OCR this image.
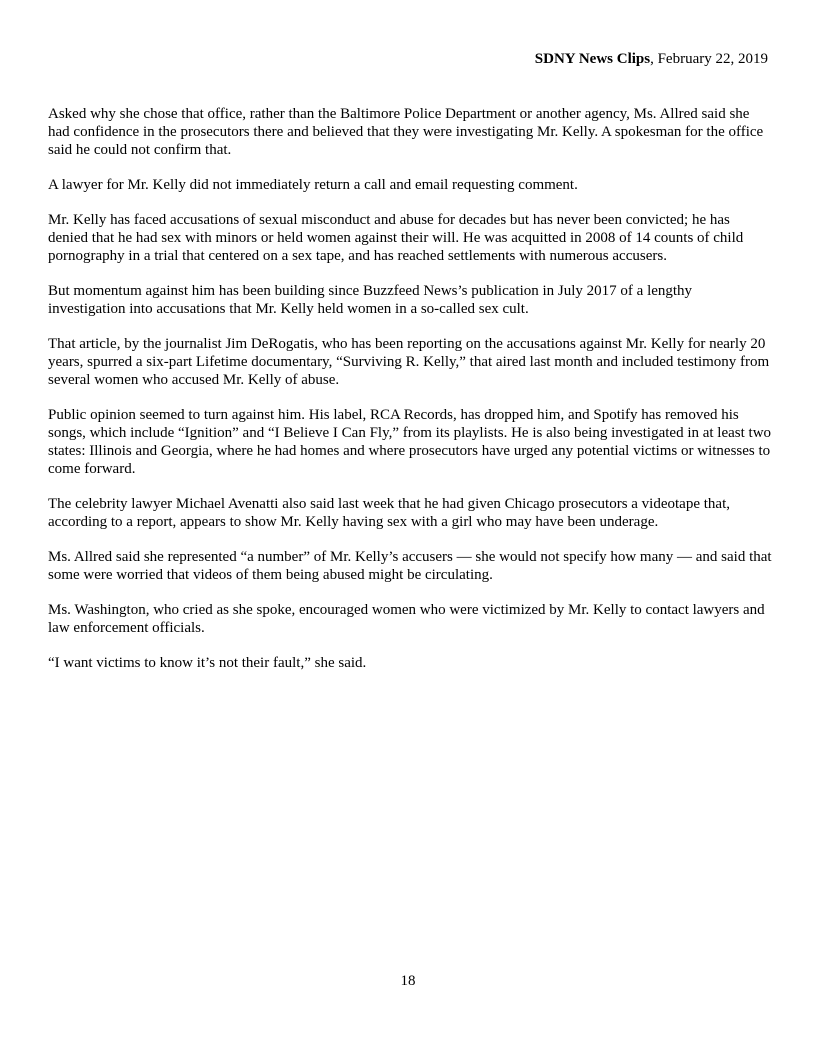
SDNY News Clips, February 22, 2019

Asked why she chose that office, rather than the Baltimore Police Department or another agency, Ms. Allred said she had confidence in the prosecutors there and believed that they were investigating Mr. Kelly. A spokesman for the office said he could not confirm that.

A lawyer for Mr. Kelly did not immediately return a call and email requesting comment.

Mr. Kelly has faced accusations of sexual misconduct and abuse for decades but has never been convicted; he has denied that he had sex with minors or held women against their will. He was acquitted in 2008 of 14 counts of child pornography in a trial that centered on a sex tape, and has reached settlements with numerous accusers.

But momentum against him has been building since Buzzfeed News’s publication in July 2017 of a lengthy investigation into accusations that Mr. Kelly held women in a so-called sex cult.

That article, by the journalist Jim DeRogatis, who has been reporting on the accusations against Mr. Kelly for nearly 20 years, spurred a six-part Lifetime documentary, “Surviving R. Kelly,” that aired last month and included testimony from several women who accused Mr. Kelly of abuse.

Public opinion seemed to turn against him. His label, RCA Records, has dropped him, and Spotify has removed his songs, which include “Ignition” and “I Believe I Can Fly,” from its playlists. He is also being investigated in at least two states: Illinois and Georgia, where he had homes and where prosecutors have urged any potential victims or witnesses to come forward.

The celebrity lawyer Michael Avenatti also said last week that he had given Chicago prosecutors a videotape that, according to a report, appears to show Mr. Kelly having sex with a girl who may have been underage.

Ms. Allred said she represented “a number” of Mr. Kelly’s accusers — she would not specify how many — and said that some were worried that videos of them being abused might be circulating.

Ms. Washington, who cried as she spoke, encouraged women who were victimized by Mr. Kelly to contact lawyers and law enforcement officials.

“I want victims to know it’s not their fault,” she said.

18
